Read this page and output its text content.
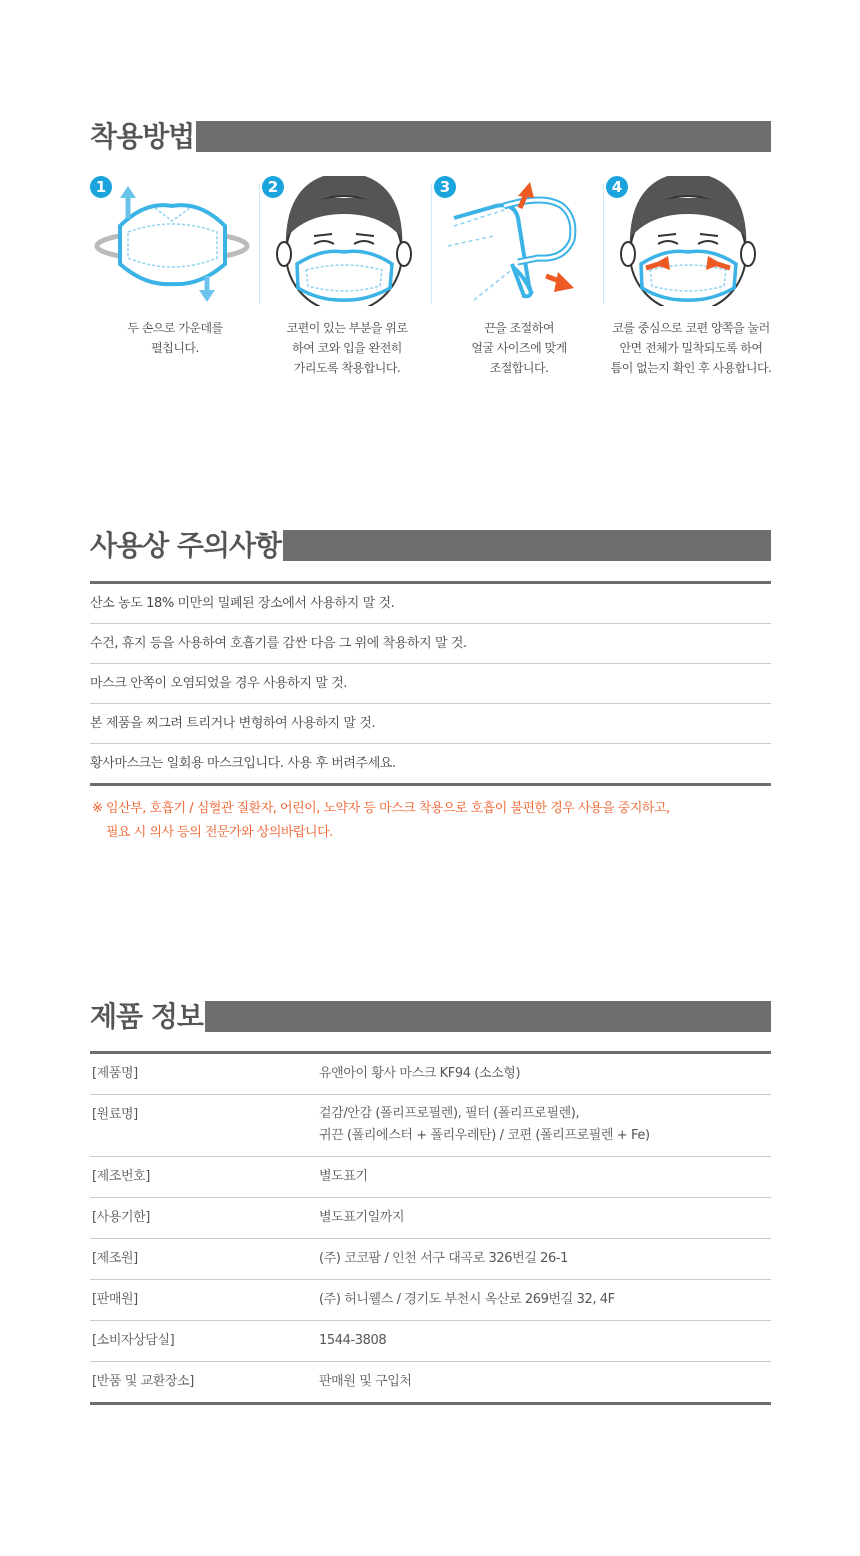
착용방법
1
두 손으로 가운데를
펼칩니다.
2
코편이 있는 부분을 위로
하여 코와 입을 완전히
가리도록 착용합니다.
3
끈을 조절하여
얼굴 사이즈에 맞게
조절합니다.
4
코를 중심으로 코편 양쪽을 눌러
안면 전체가 밀착되도록 하여
틈이 없는지 확인 후 사용합니다.
사용상 주의사항
산소 농도 18% 미만의 밀폐된 장소에서 사용하지 말 것.
수건, 휴지 등을 사용하여 호흡기를 감싼 다음 그 위에 착용하지 말 것.
마스크 안쪽이 오염되었을 경우 사용하지 말 것.
본 제품을 찌그려 트리거나 변형하여 사용하지 말 것.
황사마스크는 일회용 마스크입니다. 사용 후 버려주세요.
※ 임산부, 호흡기 / 심혈관 질환자, 어린이, 노약자 등 마스크 착용으로 호흡이 불편한 경우 사용을 중지하고,
필요 시 의사 등의 전문가와 상의바랍니다.
제품 정보
[제품명]	유앤아이 황사 마스크 KF94 (소소형)
[원료명]	겉감/안감 (폴리프로필렌), 필터 (폴리프로필렌),
귀끈 (폴리에스터 + 폴리우레탄) / 코편 (폴리프로필렌 + Fe)
[제조번호]	별도표기
[사용기한]	별도표기일까지
[제조원]	(주) 코코팜 / 인천 서구 대곡로 326번길 26-1
[판매원]	(주) 허니웰스 / 경기도 부천시 옥산로 269번길 32, 4F
[소비자상담실]	1544-3808
[반품 및 교환장소]	판매원 및 구입처
